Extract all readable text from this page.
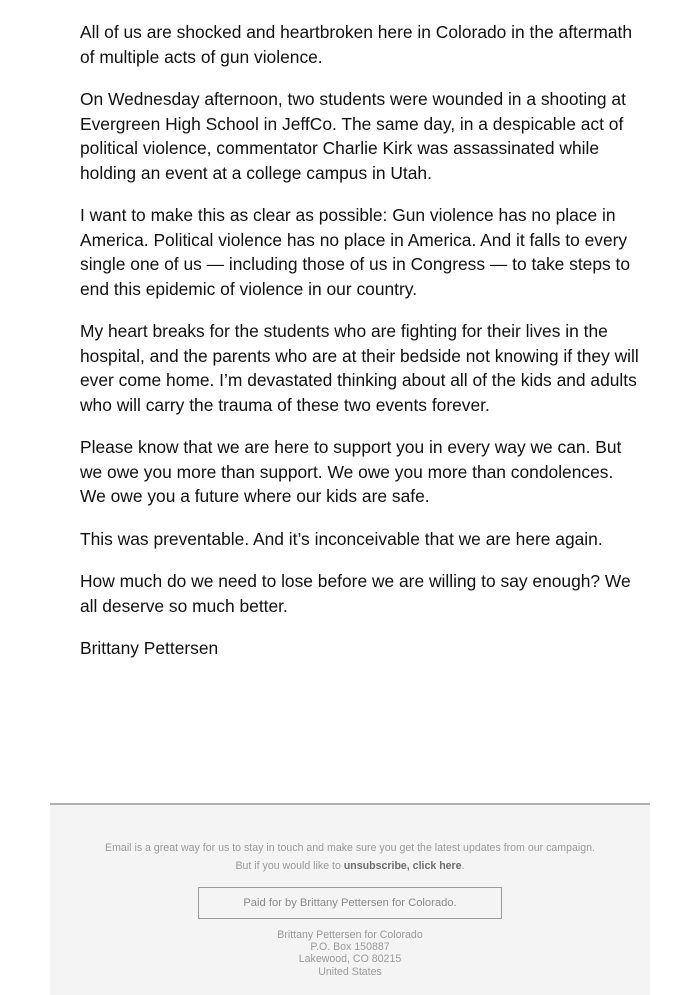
All of us are shocked and heartbroken here in Colorado in the aftermath of multiple acts of gun violence.

On Wednesday afternoon, two students were wounded in a shooting at Evergreen High School in JeffCo. The same day, in a despicable act of political violence, commentator Charlie Kirk was assassinated while holding an event at a college campus in Utah.

I want to make this as clear as possible: Gun violence has no place in America. Political violence has no place in America. And it falls to every single one of us — including those of us in Congress — to take steps to end this epidemic of violence in our country.

My heart breaks for the students who are fighting for their lives in the hospital, and the parents who are at their bedside not knowing if they will ever come home. I’m devastated thinking about all of the kids and adults who will carry the trauma of these two events forever.

Please know that we are here to support you in every way we can. But we owe you more than support. We owe you more than condolences. We owe you a future where our kids are safe.

This was preventable. And it’s inconceivable that we are here again.

How much do we need to lose before we are willing to say enough? We all deserve so much better.

Brittany Pettersen

Email is a great way for us to stay in touch and make sure you get the latest updates from our campaign.
But if you would like to unsubscribe, click here.
Paid for by Brittany Pettersen for Colorado.
Brittany Pettersen for Colorado
P.O. Box 150887
Lakewood, CO 80215
United States
